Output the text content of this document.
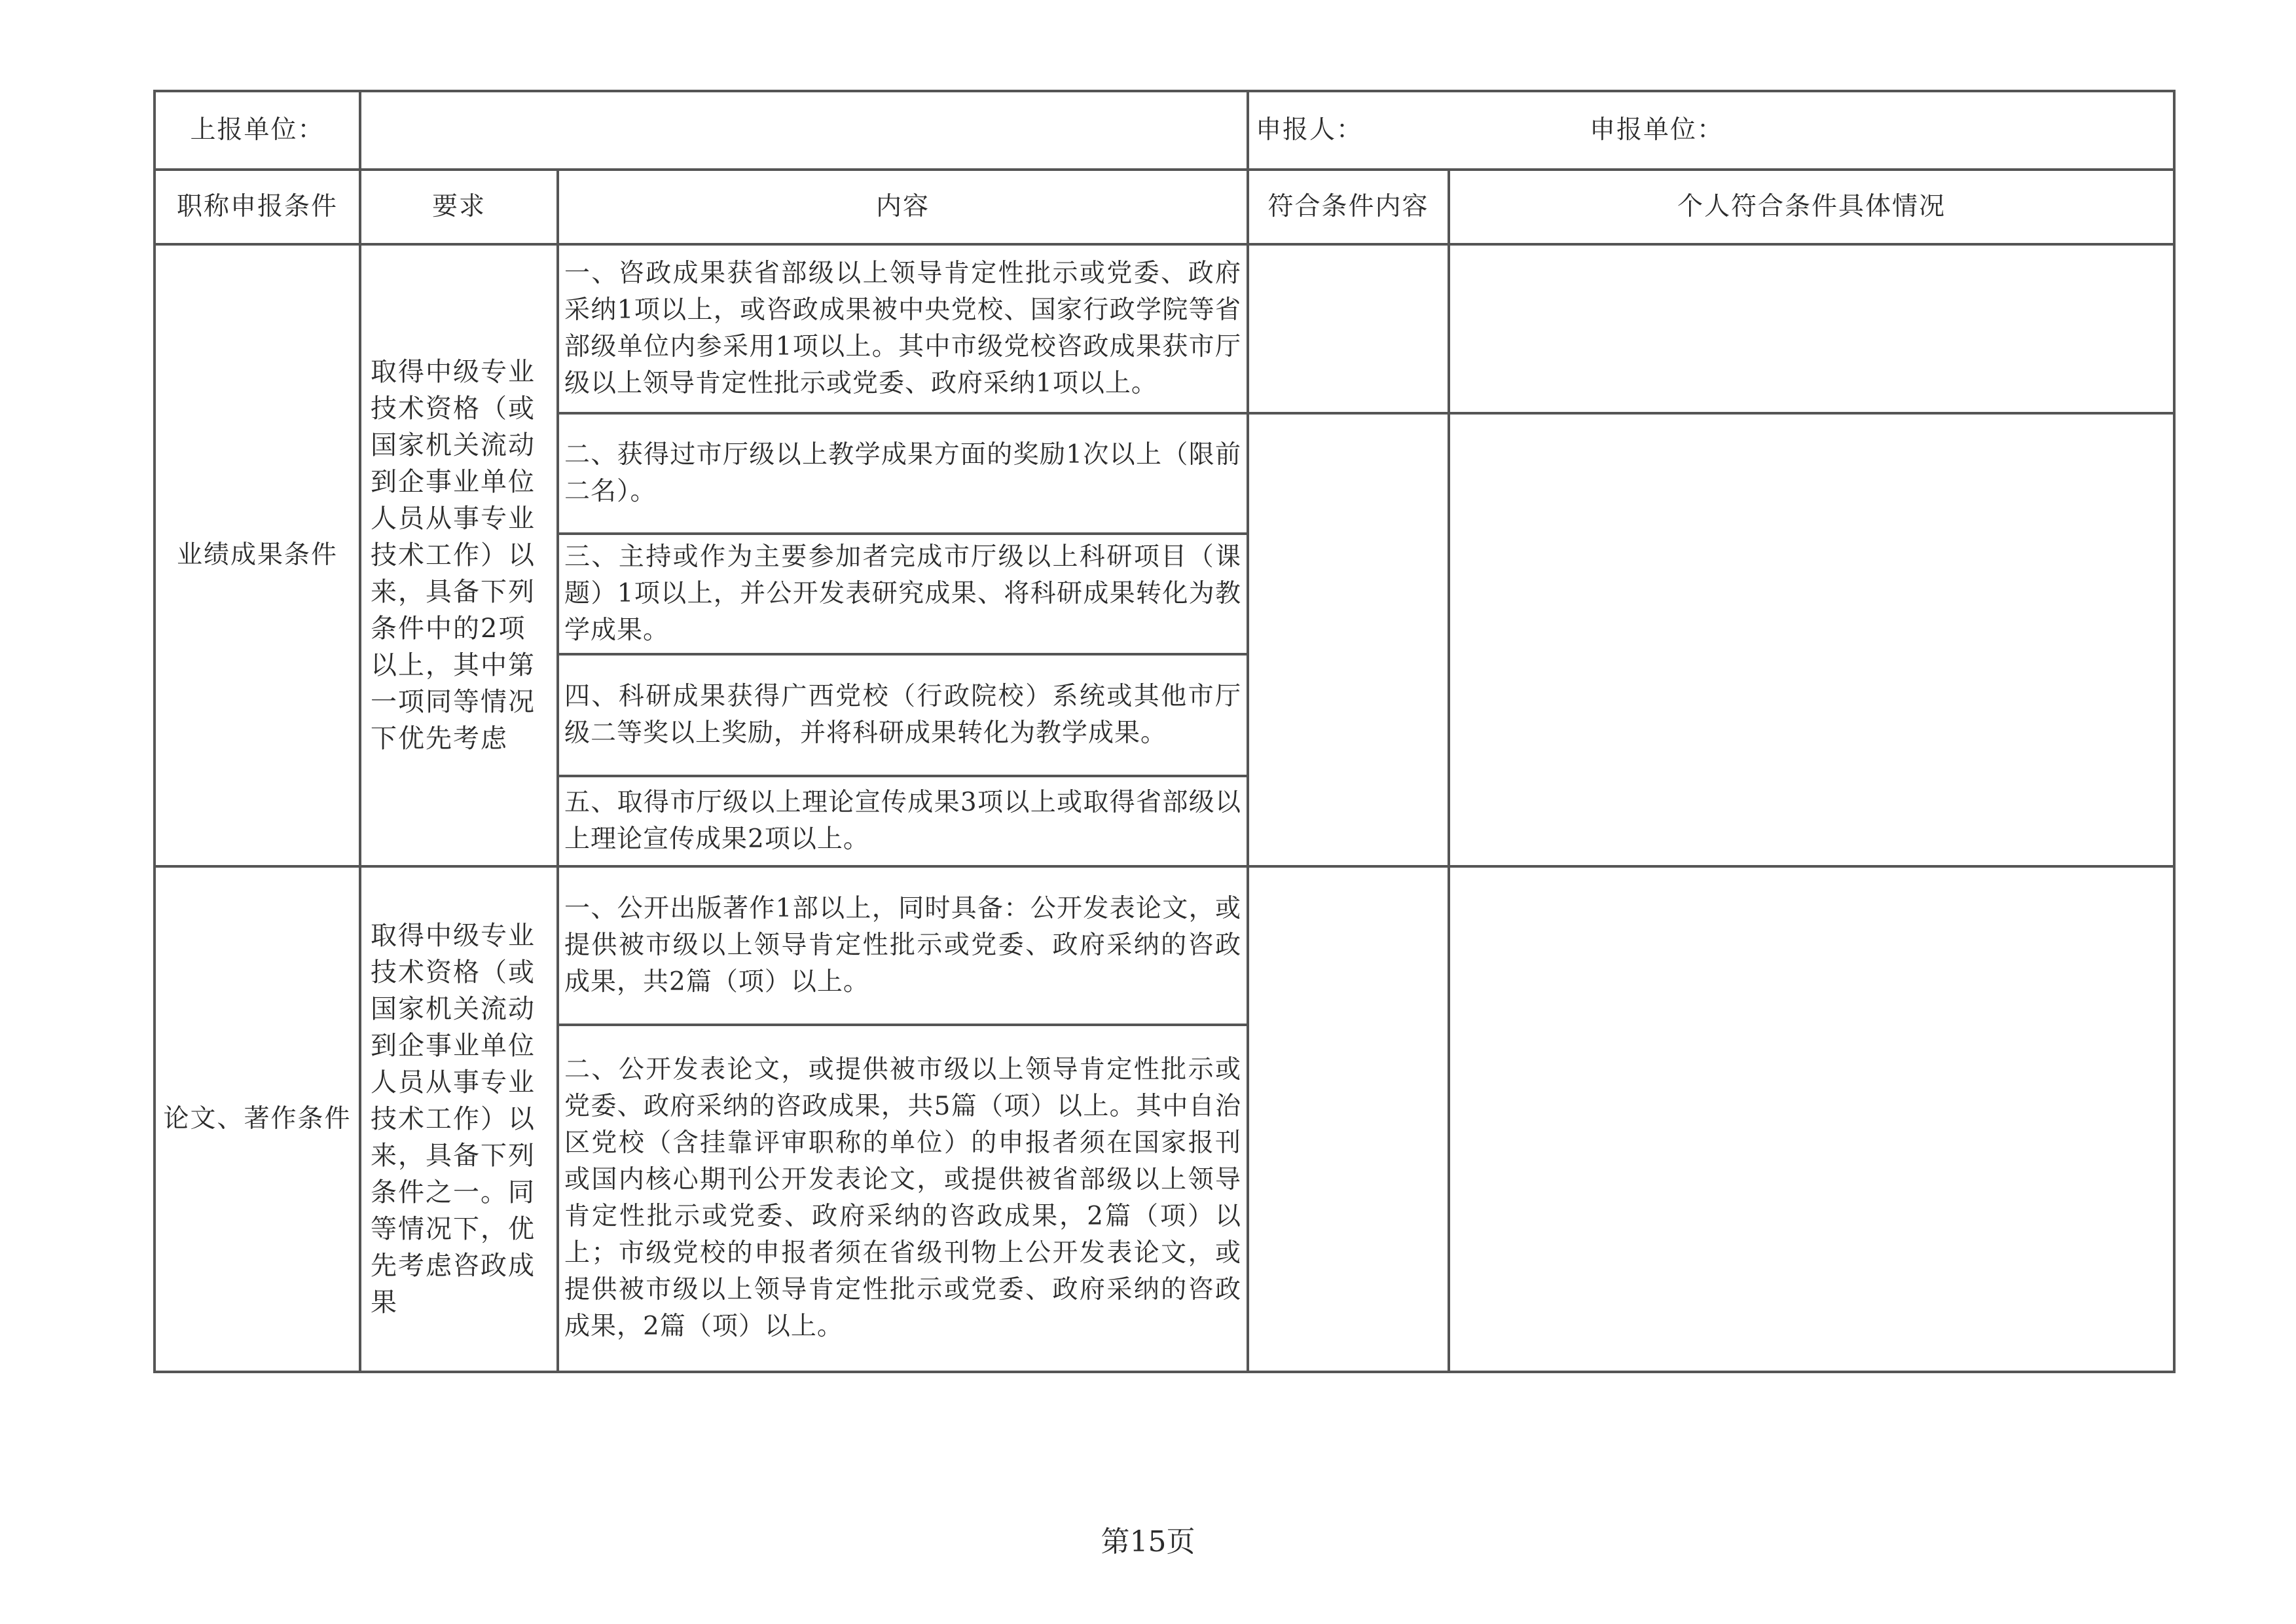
上报单位：			申报人： 申报单位：	

职称申报条件	要求	内容	符合条件内容	个人符合条件具体情况
业绩成果条件	取得中级专业技术资格（或国家机关流动到企事业单位人员从事专业技术工作）以来，具备下列条件中的2项以上，其中第一项同等情况下优先考虑	一、咨政成果获省部级以上领导肯定性批示或党委、政府采纳1项以上，或咨政成果被中央党校、国家行政学院等省部级单位内参采用1项以上。其中市级党校咨政成果获市厅级以上领导肯定性批示或党委、政府采纳1项以上。		
		二、获得过市厅级以上教学成果方面的奖励1次以上（限前二名）。		
		三、主持或作为主要参加者完成市厅级以上科研项目（课题）1项以上，并公开发表研究成果、将科研成果转化为教学成果。		
		四、科研成果获得广西党校（行政院校）系统或其他市厅级二等奖以上奖励，并将科研成果转化为教学成果。		
		五、取得市厅级以上理论宣传成果3项以上或取得省部级以上理论宣传成果2项以上。		
论文、著作条件	取得中级专业技术资格（或国家机关流动到企事业单位人员从事专业技术工作）以来，具备下列条件之一。同等情况下，优先考虑咨政成果	一、公开出版著作1部以上，同时具备：公开发表论文，或提供被市级以上领导肯定性批示或党委、政府采纳的咨政成果，共2篇（项）以上。		
		二、公开发表论文，或提供被市级以上领导肯定性批示或党委、政府采纳的咨政成果，共5篇（项）以上。其中自治区党校（含挂靠评审职称的单位）的申报者须在国家报刊或国内核心期刊公开发表论文，或提供被省部级以上领导肯定性批示或党委、政府采纳的咨政成果，2篇（项）以上；市级党校的申报者须在省级刊物上公开发表论文，或提供被市级以上领导肯定性批示或党委、政府采纳的咨政成果，2篇（项）以上。		
第15页
